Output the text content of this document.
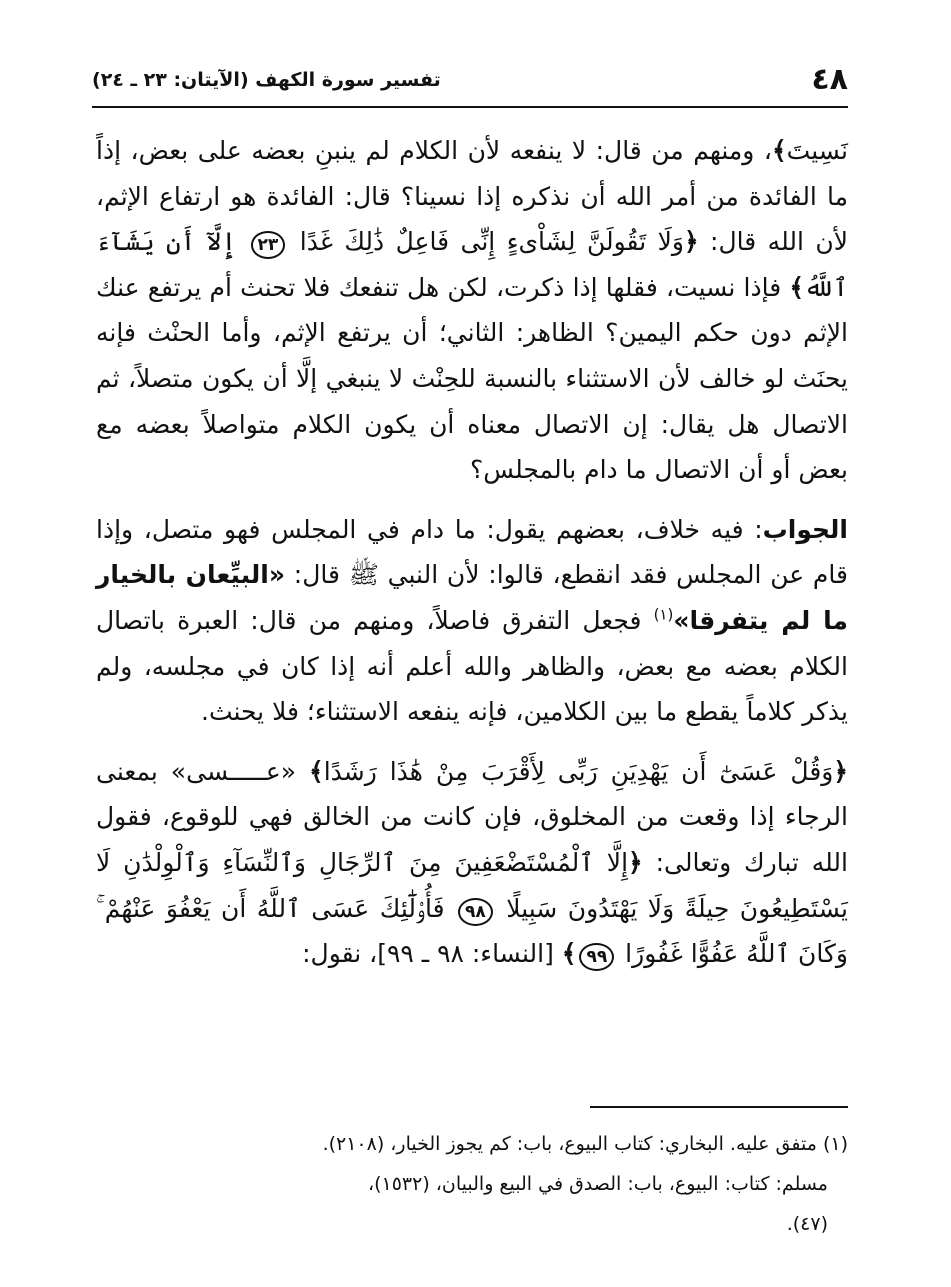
٤٨
تفسير سورة الكهف (الآيتان: ٢٣ ـ ٢٤)

نَسِيتَ﴾، ومنهم من قال: لا ينفعه لأن الكلام لم ينبنِ بعضه على بعض، إذاً ما الفائدة من أمر الله أن نذكره إذا نسينا؟ قال: الفائدة هو ارتفاع الإثم، لأن الله قال: ﴿وَلَا تَقُولَنَّ لِشَاْىءٍ إِنِّى فَاعِلٌ ذَٰلِكَ غَدًا ٢٣ إِلَّآ أَن يَشَآءَ ٱللَّهُ﴾ فإذا نسيت، فقلها إذا ذكرت، لكن هل تنفعك فلا تحنث أم يرتفع عنك الإثم دون حكم اليمين؟ الظاهر: الثاني؛ أن يرتفع الإثم، وأما الحنْث فإنه يحنَث لو خالف لأن الاستثناء بالنسبة للحِنْث لا ينبغي إلَّا أن يكون متصلاً، ثم الاتصال هل يقال: إن الاتصال معناه أن يكون الكلام متواصلاً بعضه مع بعض أو أن الاتصال ما دام بالمجلس؟

الجواب: فيه خلاف، بعضهم يقول: ما دام في المجلس فهو متصل، وإذا قام عن المجلس فقد انقطع، قالوا: لأن النبي ﷺ قال: «البيِّعان بالخيار ما لم يتفرقا»$^{(١)}$ فجعل التفرق فاصلاً، ومنهم من قال: العبرة باتصال الكلام بعضه مع بعض، والظاهر والله أعلم أنه إذا كان في مجلسه، ولم يذكر كلاماً يقطع ما بين الكلامين، فإنه ينفعه الاستثناء؛ فلا يحنث.

﴿وَقُلْ عَسَىٰٓ أَن يَهْدِيَنِ رَبِّى لِأَقْرَبَ مِنْ هَٰذَا رَشَدًا﴾ «عـــــسى» بمعنى الرجاء إذا وقعت من المخلوق، فإن كانت من الخالق فهي للوقوع، فقول الله تبارك وتعالى: ﴿إِلَّا ٱلْمُسْتَضْعَفِينَ مِنَ ٱلرِّجَالِ وَٱلنِّسَآءِ وَٱلْوِلْدَٰنِ لَا يَسْتَطِيعُونَ حِيلَةً وَلَا يَهْتَدُونَ سَبِيلًا ٩٨ فَأُو۟لَٰٓئِكَ عَسَى ٱللَّهُ أَن يَعْفُوَ عَنْهُمْ ۚ وَكَانَ ٱللَّهُ عَفُوًّا غَفُورًا ٩٩﴾ [النساء: ٩٨ ـ ٩٩]، نقول:

(١) متفق عليه. البخاري: كتاب البيوع، باب: كم يجوز الخيار، (٢١٠٨).

مسلم: كتاب: البيوع، باب: الصدق في البيع والبيان، (١٥٣٢)،

(٤٧).
